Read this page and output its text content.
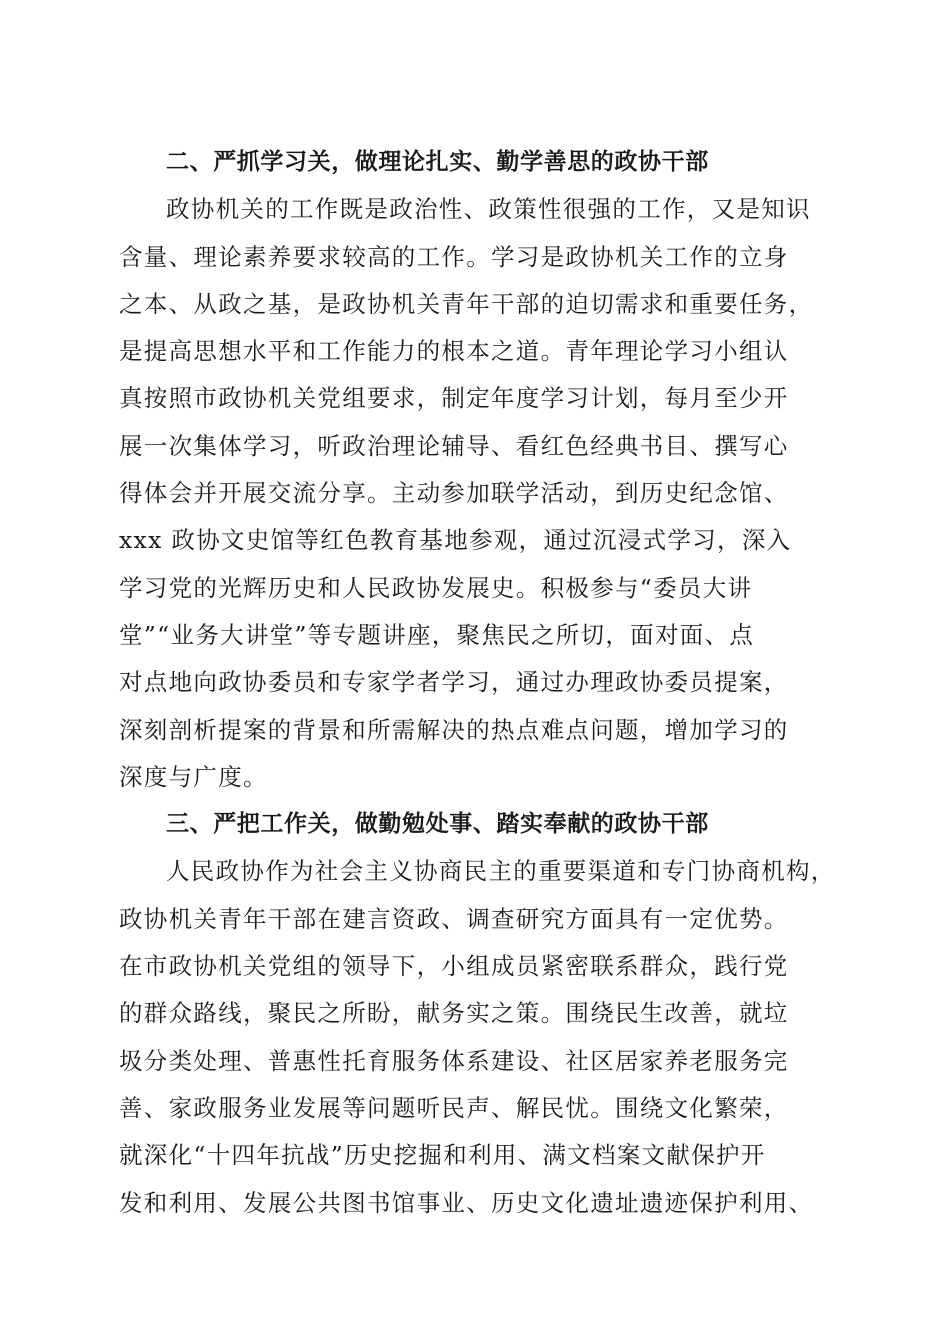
二、严抓学习关，做理论扎实、勤学善思的政协干部

政协机关的工作既是政治性、政策性很强的工作，又是知识
含量、理论素养要求较高的工作。学习是政协机关工作的立身
之本、从政之基，是政协机关青年干部的迫切需求和重要任务，
是提高思想水平和工作能力的根本之道。青年理论学习小组认
真按照市政协机关党组要求，制定年度学习计划，每月至少开
展一次集体学习，听政治理论辅导、看红色经典书目、撰写心
得体会并开展交流分享。主动参加联学活动，到历史纪念馆、
xxx 政协文史馆等红色教育基地参观，通过沉浸式学习，深入
学习党的光辉历史和人民政协发展史。积极参与“委员大讲
堂”“业务大讲堂”等专题讲座，聚焦民之所切，面对面、点
对点地向政协委员和专家学者学习，通过办理政协委员提案，
深刻剖析提案的背景和所需解决的热点难点问题，增加学习的
深度与广度。

三、严把工作关，做勤勉处事、踏实奉献的政协干部

人民政协作为社会主义协商民主的重要渠道和专门协商机构，
政协机关青年干部在建言资政、调查研究方面具有一定优势。
在市政协机关党组的领导下，小组成员紧密联系群众，践行党
的群众路线，聚民之所盼，献务实之策。围绕民生改善，就垃
圾分类处理、普惠性托育服务体系建设、社区居家养老服务完
善、家政服务业发展等问题听民声、解民忧。围绕文化繁荣，
就深化“十四年抗战”历史挖掘和利用、满文档案文献保护开
发和利用、发展公共图书馆事业、历史文化遗址遗迹保护利用、
